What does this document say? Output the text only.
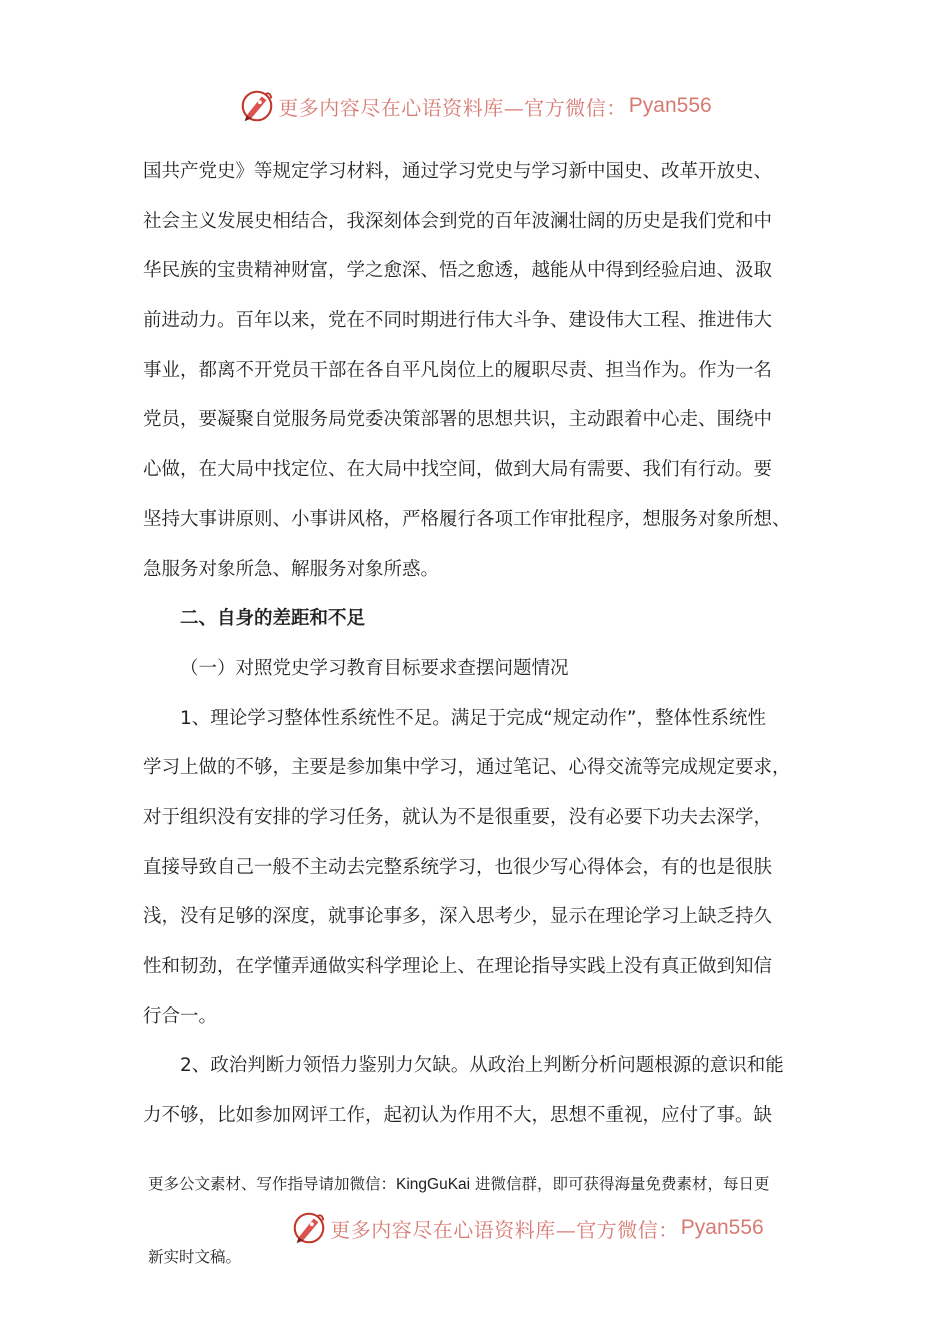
更多内容尽在心语资料库—官方微信： Pyan556
国共产党史》等规定学习材料，通过学习党史与学习新中国史、改革开放史、
社会主义发展史相结合，我深刻体会到党的百年波澜壮阔的历史是我们党和中
华民族的宝贵精神财富，学之愈深、悟之愈透，越能从中得到经验启迪、汲取
前进动力。百年以来，党在不同时期进行伟大斗争、建设伟大工程、推进伟大
事业，都离不开党员干部在各自平凡岗位上的履职尽责、担当作为。作为一名
党员，要凝聚自觉服务局党委决策部署的思想共识，主动跟着中心走、围绕中
心做，在大局中找定位、在大局中找空间，做到大局有需要、我们有行动。要
坚持大事讲原则、小事讲风格，严格履行各项工作审批程序，想服务对象所想、
急服务对象所急、解服务对象所惑。
二、自身的差距和不足
（一）对照党史学习教育目标要求查摆问题情况
1、理论学习整体性系统性不足。满足于完成“规定动作”，整体性系统性
学习上做的不够，主要是参加集中学习，通过笔记、心得交流等完成规定要求，
对于组织没有安排的学习任务，就认为不是很重要，没有必要下功夫去深学，
直接导致自己一般不主动去完整系统学习，也很少写心得体会，有的也是很肤
浅，没有足够的深度，就事论事多，深入思考少，显示在理论学习上缺乏持久
性和韧劲，在学懂弄通做实科学理论上、在理论指导实践上没有真正做到知信
行合一。
2、政治判断力领悟力鉴别力欠缺。从政治上判断分析问题根源的意识和能
力不够，比如参加网评工作，起初认为作用不大，思想不重视，应付了事。缺
更多公文素材、写作指导请加微信：KingGuKai 进微信群，即可获得海量免费素材，每日更
更多内容尽在心语资料库—官方微信： Pyan556
新实时文稿。
